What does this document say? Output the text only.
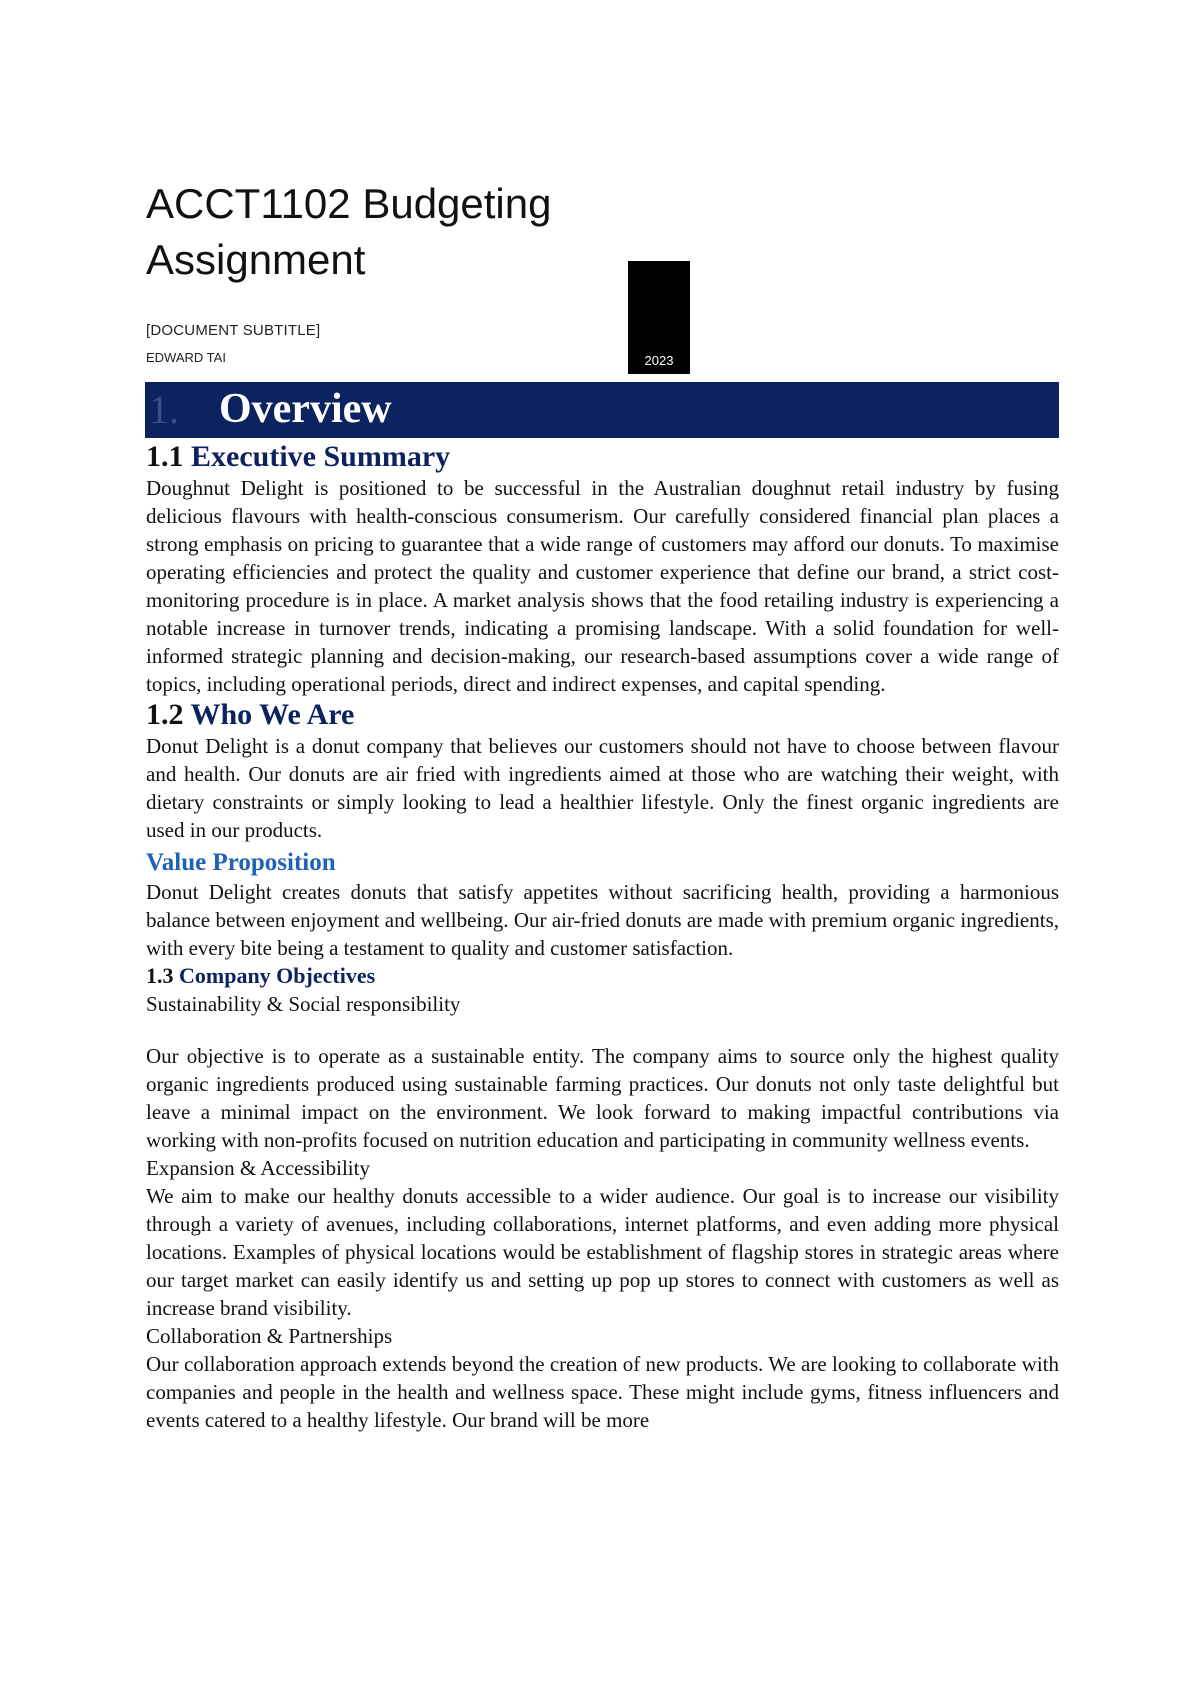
ACCT1102 Budgeting Assignment
[DOCUMENT SUBTITLE]
EDWARD TAI	2023
1. Overview
1.1 Executive Summary

Doughnut Delight is positioned to be successful in the Australian doughnut retail industry by fusing delicious flavours with health-conscious consumerism. Our carefully considered financial plan places a strong emphasis on pricing to guarantee that a wide range of customers may afford our donuts. To maximise operating efficiencies and protect the quality and customer experience that define our brand, a strict cost-monitoring procedure is in place. A market analysis shows that the food retailing industry is experiencing a notable increase in turnover trends, indicating a promising landscape. With a solid foundation for well-informed strategic planning and decision-making, our research-based assumptions cover a wide range of topics, including operational periods, direct and indirect expenses, and capital spending.

1.2 Who We Are

Donut Delight is a donut company that believes our customers should not have to choose between flavour and health. Our donuts are air fried with ingredients aimed at those who are watching their weight, with dietary constraints or simply looking to lead a healthier lifestyle. Only the finest organic ingredients are used in our products.

Value Proposition

Donut Delight creates donuts that satisfy appetites without sacrificing health, providing a harmonious balance between enjoyment and wellbeing. Our air-fried donuts are made with premium organic ingredients, with every bite being a testament to quality and customer satisfaction.

1.3 Company Objectives
Sustainability & Social responsibility

Our objective is to operate as a sustainable entity. The company aims to source only the highest quality organic ingredients produced using sustainable farming practices. Our donuts not only taste delightful but leave a minimal impact on the environment. We look forward to making impactful contributions via working with non-profits focused on nutrition education and participating in community wellness events.

Expansion & Accessibility

We aim to make our healthy donuts accessible to a wider audience. Our goal is to increase our visibility through a variety of avenues, including collaborations, internet platforms, and even adding more physical locations. Examples of physical locations would be establishment of flagship stores in strategic areas where our target market can easily identify us and setting up pop up stores to connect with customers as well as increase brand visibility.

Collaboration & Partnerships

Our collaboration approach extends beyond the creation of new products. We are looking to collaborate with companies and people in the health and wellness space. These might include gyms, fitness influencers and events catered to a healthy lifestyle. Our brand will be more
